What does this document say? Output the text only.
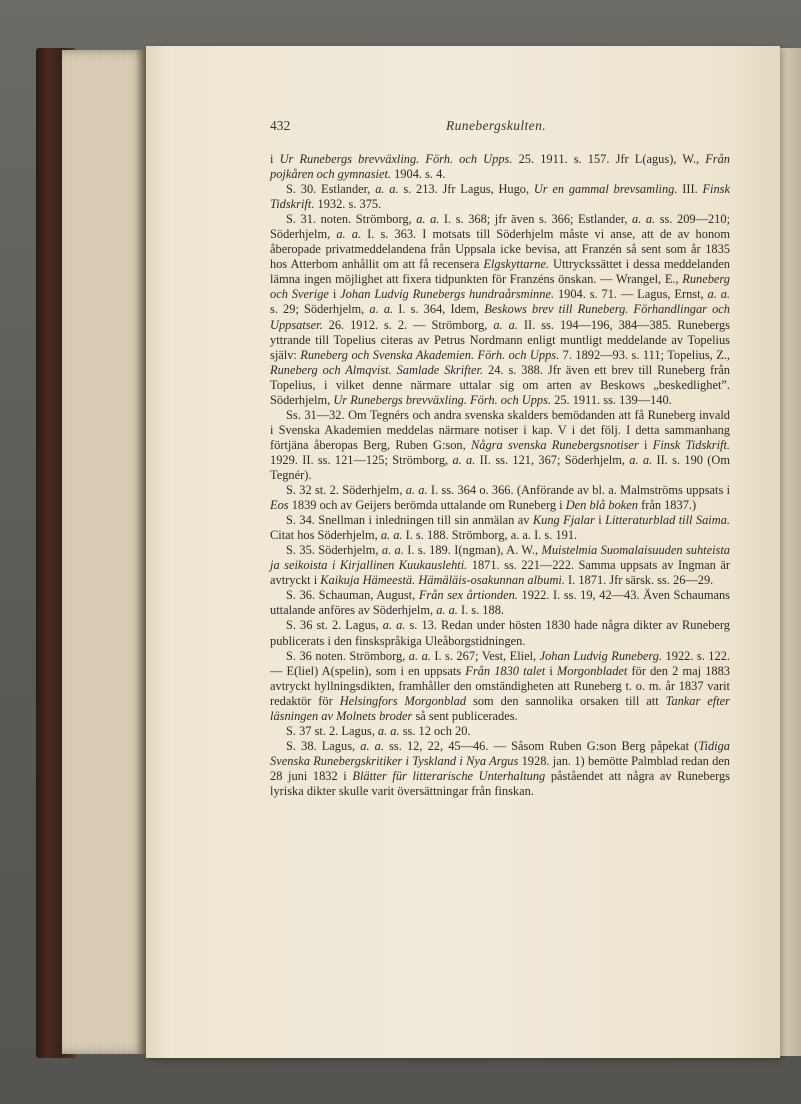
432	Runebergskulten.

i Ur Runebergs brevväxling. Förh. och Upps. 25. 1911. s. 157. Jfr L(agus), W., Från pojkåren och gymnasiet. 1904. s. 4.

S. 30. Estlander, a. a. s. 213. Jfr Lagus, Hugo, Ur en gammal brevsamling. III. Finsk Tidskrift. 1932. s. 375.

S. 31. noten. Strömborg, a. a. I. s. 368; jfr även s. 366; Estlander, a. a. ss. 209—210; Söderhjelm, a. a. I. s. 363. I motsats till Söderhjelm måste vi anse, att de av honom åberopade privatmeddelandena från Uppsala icke bevisa, att Franzén så sent som år 1835 hos Atterbom anhållit om att få recensera Elgskyttarne. Uttryckssättet i dessa meddelanden lämna ingen möjlighet att fixera tidpunkten för Franzéns önskan. — Wrangel, E., Runeberg och Sverige i Johan Ludvig Runebergs hundraårsminne. 1904. s. 71. — Lagus, Ernst, a. a. s. 29; Söderhjelm, a. a. I. s. 364, Idem, Beskows brev till Runeberg. Förhandlingar och Uppsatser. 26. 1912. s. 2. — Strömborg, a. a. II. ss. 194—196, 384—385. Runebergs yttrande till Topelius citeras av Petrus Nordmann enligt muntligt meddelande av Topelius själv: Runeberg och Svenska Akademien. Förh. och Upps. 7. 1892—93. s. 111; Topelius, Z., Runeberg och Almqvist. Samlade Skrifter. 24. s. 388. Jfr även ett brev till Runeberg från Topelius, i vilket denne närmare uttalar sig om arten av Beskows „beskedlighet”. Söderhjelm, Ur Runebergs brevväxling. Förh. och Upps. 25. 1911. ss. 139—140.

Ss. 31—32. Om Tegnérs och andra svenska skalders bemödanden att få Runeberg invald i Svenska Akademien meddelas närmare notiser i kap. V i det följ. I detta sammanhang förtjäna åberopas Berg, Ruben G:son, Några svenska Runebergsnotiser i Finsk Tidskrift. 1929. II. ss. 121—125; Strömborg, a. a. II. ss. 121, 367; Söderhjelm, a. a. II. s. 190 (Om Tegnér).

S. 32 st. 2. Söderhjelm, a. a. I. ss. 364 o. 366. (Anförande av bl. a. Malmströms uppsats i Eos 1839 och av Geijers berömda uttalande om Runeberg i Den blå boken från 1837.)

S. 34. Snellman i inledningen till sin anmälan av Kung Fjalar i Litteraturblad till Saima. Citat hos Söderhjelm, a. a. I. s. 188. Strömborg, a. a. I. s. 191.

S. 35. Söderhjelm, a. a. I. s. 189. I(ngman), A. W., Muistelmia Suomalaisuuden suhteista ja seikoista i Kirjallinen Kuukauslehti. 1871. ss. 221—222. Samma uppsats av Ingman är avtryckt i Kaikuja Hämeestä. Hämäläis-osakunnan albumi. I. 1871. Jfr särsk. ss. 26—29.

S. 36. Schauman, August, Från sex årtionden. 1922. I. ss. 19, 42—43. Även Schaumans uttalande anföres av Söderhjelm, a. a. I. s. 188.

S. 36 st. 2. Lagus, a. a. s. 13. Redan under hösten 1830 hade några dikter av Runeberg publicerats i den finskspråkiga Uleåborgstidningen.

S. 36 noten. Strömborg, a. a. I. s. 267; Vest, Eliel, Johan Ludvig Runeberg. 1922. s. 122. — E(liel) A(spelin), som i en uppsats Från 1830 talet i Morgonbladet för den 2 maj 1883 avtryckt hyllningsdikten, framhåller den omständigheten att Runeberg t. o. m. år 1837 varit redaktör för Helsingfors Morgonblad som den sannolika orsaken till att Tankar efter läsningen av Molnets broder så sent publicerades.

S. 37 st. 2. Lagus, a. a. ss. 12 och 20.

S. 38. Lagus, a. a. ss. 12, 22, 45—46. — Såsom Ruben G:son Berg påpekat (Tidiga Svenska Runebergskritiker i Tyskland i Nya Argus 1928. jan. 1) bemötte Palmblad redan den 28 juni 1832 i Blätter für litterarische Unterhaltung påståendet att några av Runebergs lyriska dikter skulle varit översättningar från finskan.
